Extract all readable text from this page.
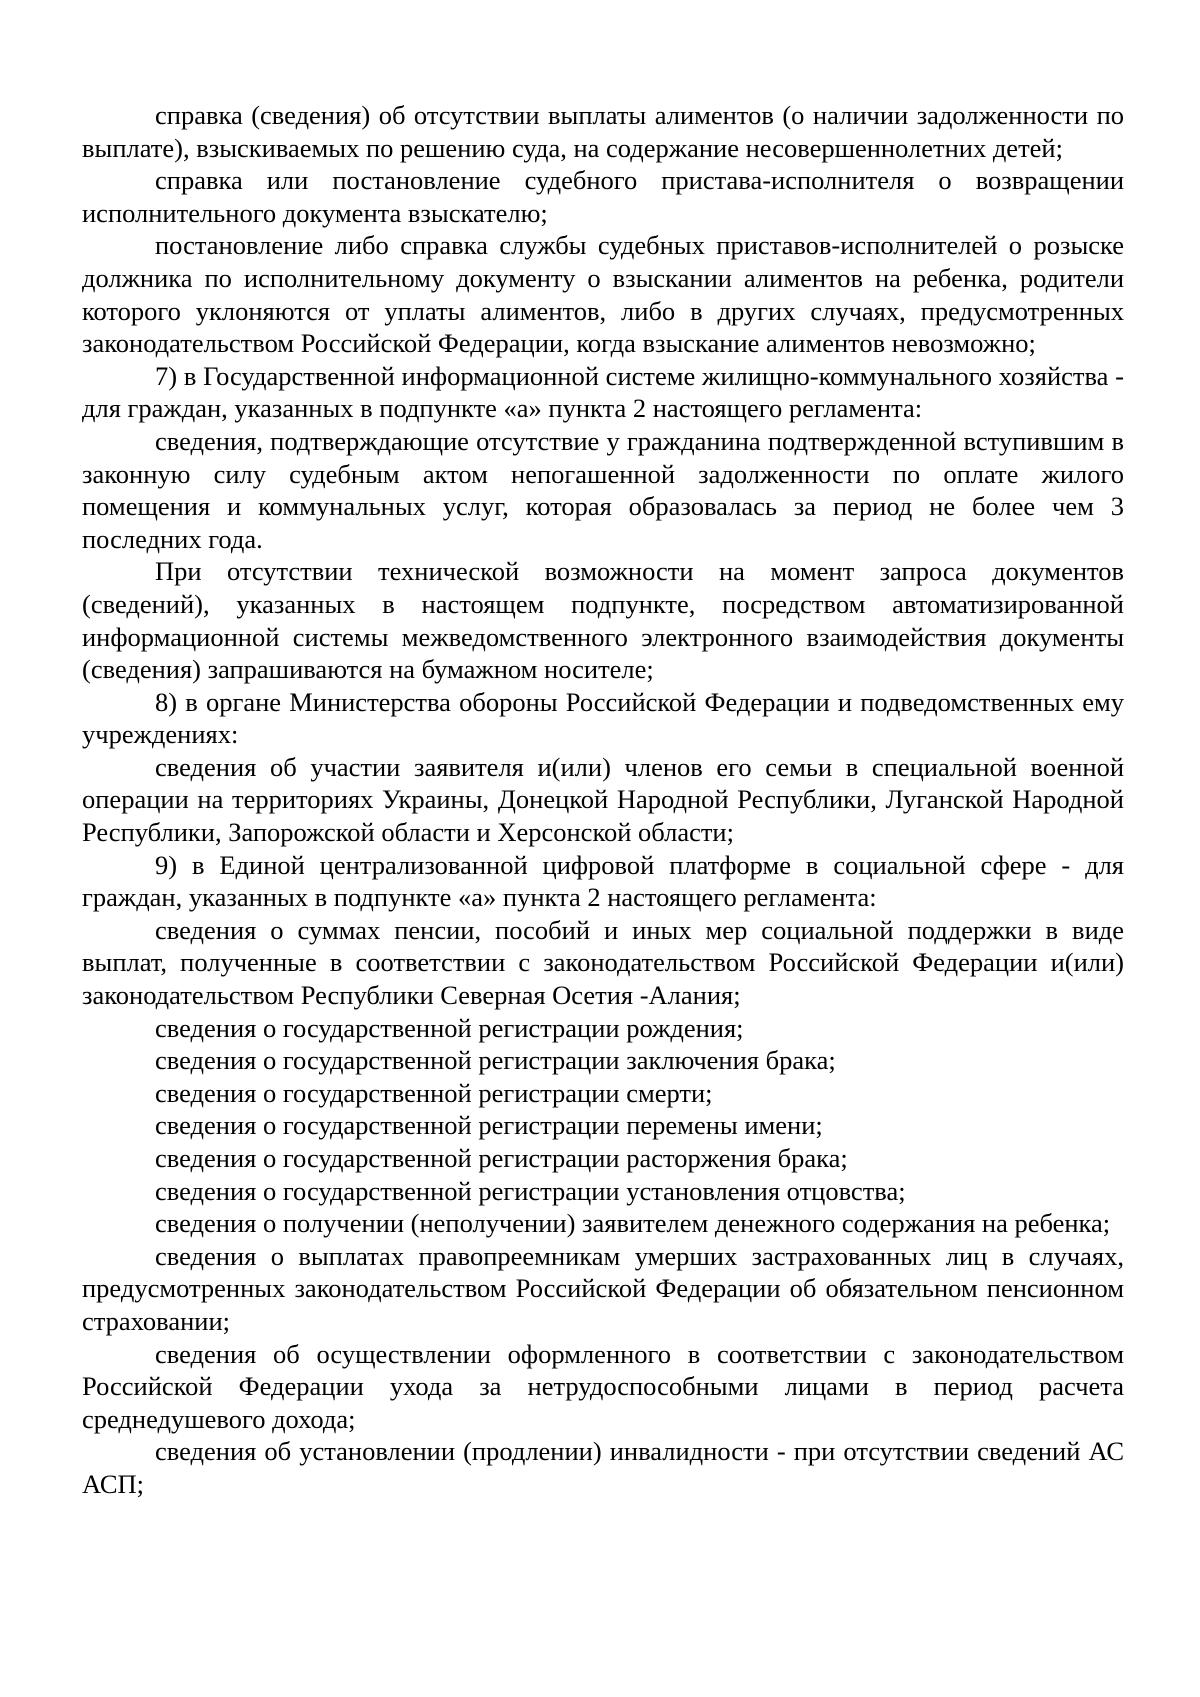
справка (сведения) об отсутствии выплаты алиментов (о наличии задолженности по выплате), взыскиваемых по решению суда, на содержание несовершеннолетних детей;

справка или постановление судебного пристава-исполнителя о возвращении исполнительного документа взыскателю;

постановление либо справка службы судебных приставов-исполнителей о розыске должника по исполнительному документу о взыскании алиментов на ребенка, родители которого уклоняются от уплаты алиментов, либо в других случаях, предусмотренных законодательством Российской Федерации, когда взыскание алиментов невозможно;

7) в Государственной информационной системе жилищно-коммунального хозяйства - для граждан, указанных в подпункте «а» пункта 2 настоящего регламента:

сведения, подтверждающие отсутствие у гражданина подтвержденной вступившим в законную силу судебным актом непогашенной задолженности по оплате жилого помещения и коммунальных услуг, которая образовалась за период не более чем 3 последних года.

При отсутствии технической возможности на момент запроса документов (сведений), указанных в настоящем подпункте, посредством автоматизированной информационной системы межведомственного электронного взаимодействия документы (сведения) запрашиваются на бумажном носителе;

8) в органе Министерства обороны Российской Федерации и подведомственных ему учреждениях:

сведения об участии заявителя и(или) членов его семьи в специальной военной операции на территориях Украины, Донецкой Народной Республики, Луганской Народной Республики, Запорожской области и Херсонской области;

9) в Единой централизованной цифровой платформе в социальной сфере - для граждан, указанных в подпункте «а» пункта 2 настоящего регламента:

сведения о суммах пенсии, пособий и иных мер социальной поддержки в виде выплат, полученные в соответствии с законодательством Российской Федерации и(или) законодательством Республики Северная Осетия -Алания;

сведения о государственной регистрации рождения;

сведения о государственной регистрации заключения брака;

сведения о государственной регистрации смерти;

сведения о государственной регистрации перемены имени;

сведения о государственной регистрации расторжения брака;

сведения о государственной регистрации установления отцовства;

сведения о получении (неполучении) заявителем денежного содержания на ребенка;

сведения о выплатах правопреемникам умерших застрахованных лиц в случаях, предусмотренных законодательством Российской Федерации об обязательном пенсионном страховании;

сведения об осуществлении оформленного в соответствии с законодательством Российской Федерации ухода за нетрудоспособными лицами в период расчета среднедушевого дохода;

сведения об установлении (продлении) инвалидности - при отсутствии сведений АС АСП;
